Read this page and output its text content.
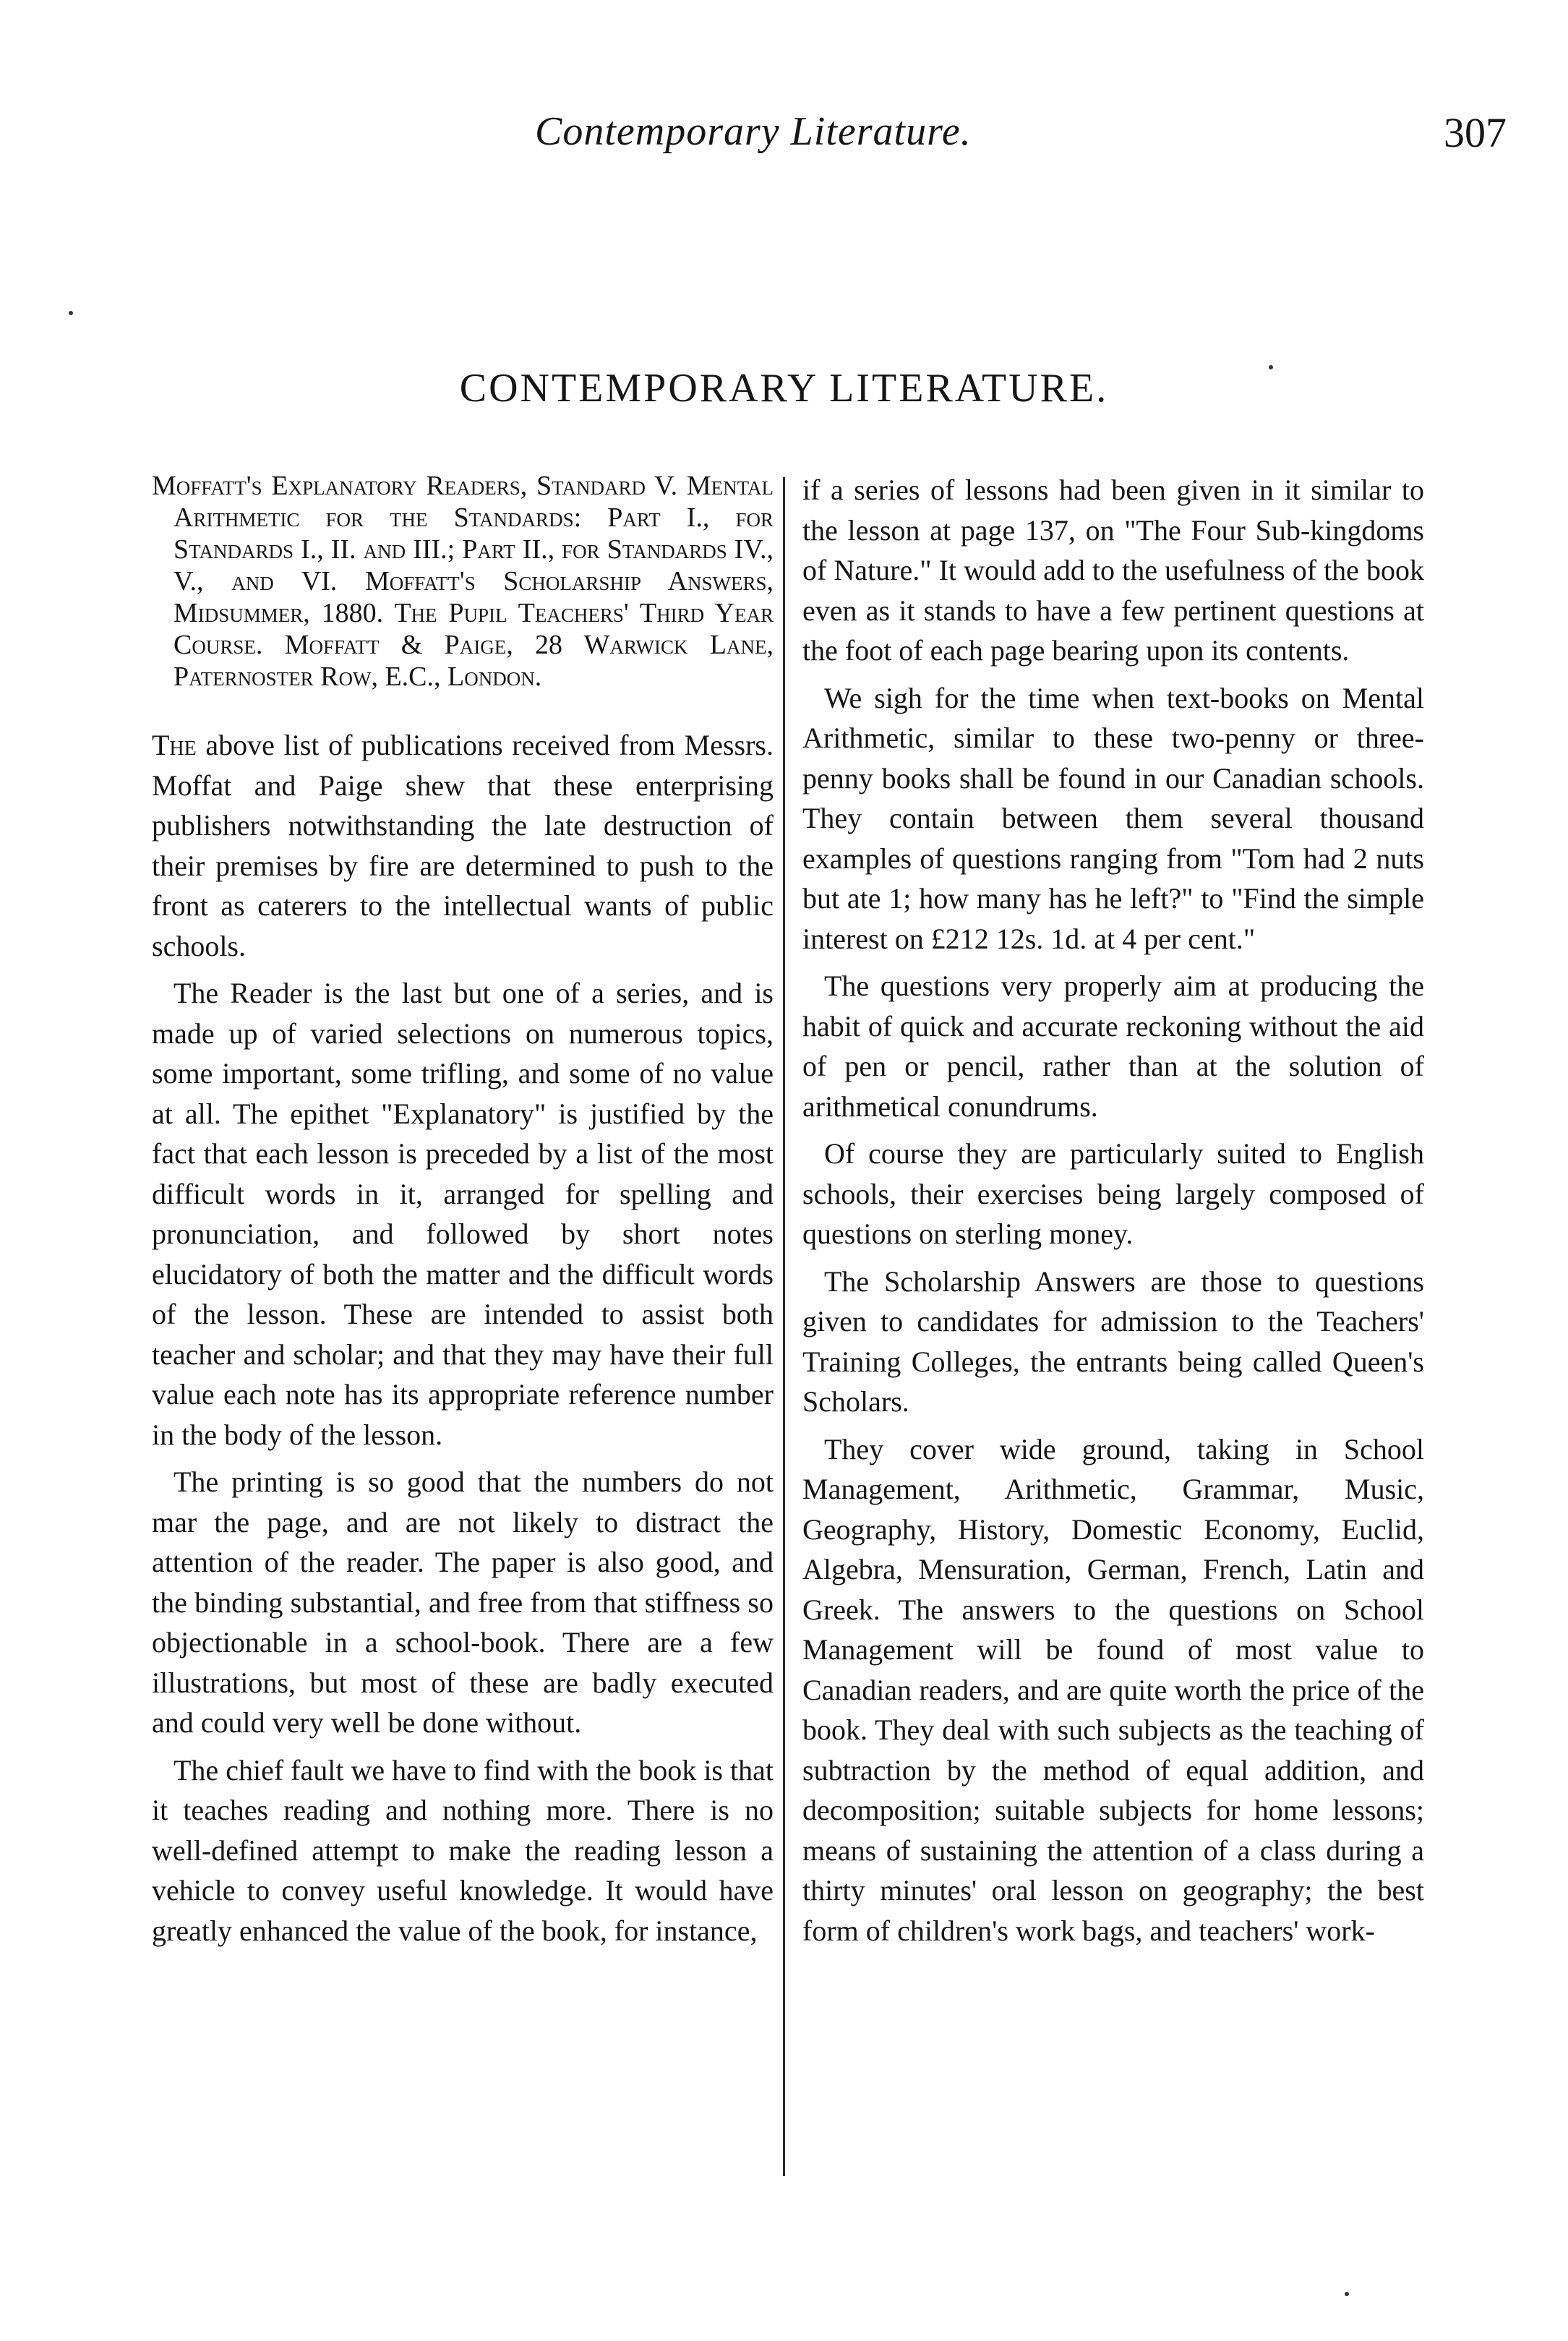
Contemporary Literature.	307
CONTEMPORARY LITERATURE.
Moffatt's Explanatory Readers, Standard V. Mental Arithmetic for the Standards: Part I., for Standards I., II. and III.; Part II., for Standards IV., V., and VI. Moffatt's Scholarship Answers, Midsummer, 1880. The Pupil Teachers' Third Year Course. Moffatt & Paige, 28 Warwick Lane, Paternoster Row, E.C., London.

The above list of publications received from Messrs. Moffat and Paige shew that these enterprising publishers notwithstanding the late destruction of their premises by fire are determined to push to the front as caterers to the intellectual wants of public schools.

The Reader is the last but one of a series, and is made up of varied selections on numerous topics, some important, some trifling, and some of no value at all. The epithet "Explanatory" is justified by the fact that each lesson is preceded by a list of the most difficult words in it, arranged for spelling and pronunciation, and followed by short notes elucidatory of both the matter and the difficult words of the lesson. These are intended to assist both teacher and scholar; and that they may have their full value each note has its appropriate reference number in the body of the lesson.

The printing is so good that the numbers do not mar the page, and are not likely to distract the attention of the reader. The paper is also good, and the binding substantial, and free from that stiffness so objectionable in a school-book. There are a few illustrations, but most of these are badly executed and could very well be done without.

The chief fault we have to find with the book is that it teaches reading and nothing more. There is no well-defined attempt to make the reading lesson a vehicle to convey useful knowledge. It would have greatly enhanced the value of the book, for instance,

if a series of lessons had been given in it similar to the lesson at page 137, on "The Four Sub-kingdoms of Nature." It would add to the usefulness of the book even as it stands to have a few pertinent questions at the foot of each page bearing upon its contents.

We sigh for the time when text-books on Mental Arithmetic, similar to these two-penny or three-penny books shall be found in our Canadian schools. They contain between them several thousand examples of questions ranging from "Tom had 2 nuts but ate 1; how many has he left?" to "Find the simple interest on £212 12s. 1d. at 4 per cent."

The questions very properly aim at producing the habit of quick and accurate reckoning without the aid of pen or pencil, rather than at the solution of arithmetical conundrums.

Of course they are particularly suited to English schools, their exercises being largely composed of questions on sterling money.

The Scholarship Answers are those to questions given to candidates for admission to the Teachers' Training Colleges, the entrants being called Queen's Scholars.

They cover wide ground, taking in School Management, Arithmetic, Grammar, Music, Geography, History, Domestic Economy, Euclid, Algebra, Mensuration, German, French, Latin and Greek. The answers to the questions on School Management will be found of most value to Canadian readers, and are quite worth the price of the book. They deal with such subjects as the teaching of subtraction by the method of equal addition, and decomposition; suitable subjects for home lessons; means of sustaining the attention of a class during a thirty minutes' oral lesson on geography; the best form of children's work bags, and teachers' work-
